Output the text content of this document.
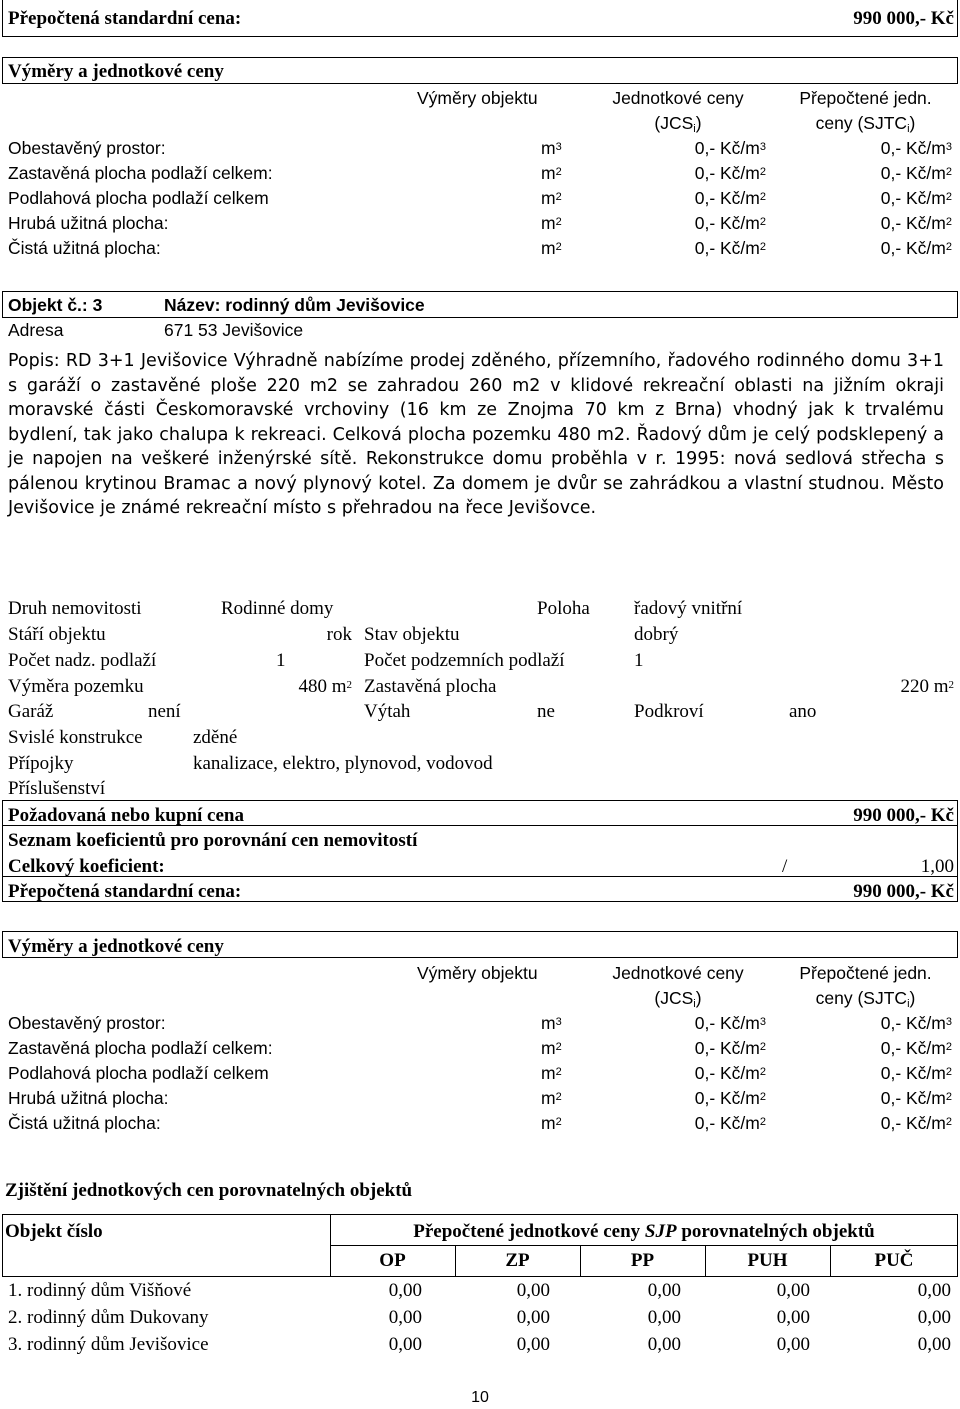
Přepočtená standardní cena:	990 000,- Kč
Výměry a jednotkové ceny
Výměry objektu	Jednotkové ceny
$(JCS_i)$
Přepočtené jedn.
ceny $(SJTC_i)$
Obestavěný prostor:	$m^3$	0,- $Kč/m^3$	0,- $Kč/m^3$
Zastavěná plocha podlaží celkem:	$m^2$	0,- $Kč/m^2$	0,- $Kč/m^2$
Podlahová plocha podlaží celkem	$m^2$	0,- $Kč/m^2$	0,- $Kč/m^2$
Hrubá užitná plocha:	$m^2$	0,- $Kč/m^2$	0,- $Kč/m^2$
Čistá užitná plocha:	$m^2$	0,- $Kč/m^2$	0,- $Kč/m^2$
Objekt č.: 3	Název: rodinný dům Jevišovice
Adresa	671 53 Jevišovice
Popis: RD 3+1 Jevišovice Výhradně nabízíme prodej zděného, přízemního, řadového rodinného domu 3+1 s garáží o zastavěné ploše 220 m2 se zahradou 260 m2 v klidové rekreační oblasti na jižním okraji moravské části Českomoravské vrchoviny (16 km ze Znojma 70 km z Brna) vhodný jak k trvalému bydlení, tak jako chalupa k rekreaci. Celková plocha pozemku 480 m2. Řadový dům je celý podsklepený a je napojen na veškeré inženýrské sítě. Rekonstrukce domu proběhla v r. 1995: nová sedlová střecha s pálenou krytinou Bramac a nový plynový kotel. Za domem je dvůr se zahrádkou a vlastní studnou. Město Jevišovice je známé rekreační místo s přehradou na řece Jevišovce.
Druh nemovitosti	Rodinné domy	Poloha řadový vnitřní
Stáří objektu	rok Stav objektu	dobrý
Počet nadz. podlaží	1	Počet podzemních podlaží	1
Výměra pozemku	480 $m^2$ Zastavěná plocha	220 $m^2$
Garáž	není	Výtah	ne	Podkroví	ano
Svislé konstrukce	zděné
Přípojky	kanalizace, elektro, plynovod, vodovod
Příslušenství
Požadovaná nebo kupní cena	990 000,- Kč
Seznam koeficientů pro porovnání cen nemovitostí
Celkový koeficient:	/	1,00
Přepočtená standardní cena:	990 000,- Kč
Výměry a jednotkové ceny
Výměry objektu	Jednotkové ceny
$(JCS_i)$
Přepočtené jedn.
ceny $(SJTC_i)$
Obestavěný prostor:	$m^3$	0,- $Kč/m^3$	0,- $Kč/m^3$
Zastavěná plocha podlaží celkem:	$m^2$	0,- $Kč/m^2$	0,- $Kč/m^2$
Podlahová plocha podlaží celkem	$m^2$	0,- $Kč/m^2$	0,- $Kč/m^2$
Hrubá užitná plocha:	$m^2$	0,- $Kč/m^2$	0,- $Kč/m^2$
Čistá užitná plocha:	$m^2$	0,- $Kč/m^2$	0,- $Kč/m^2$
Zjištění jednotkových cen porovnatelných objektů
Objekt číslo	Přepočtené jednotkové ceny SJP porovnatelných objektů
OP	ZP	PP	PUH	PUČ
1. rodinný dům Višňové	0,00	0,00	0,00	0,00	0,00
2. rodinný dům Dukovany	0,00	0,00	0,00	0,00	0,00
3. rodinný dům Jevišovice	0,00	0,00	0,00	0,00	0,00
10
